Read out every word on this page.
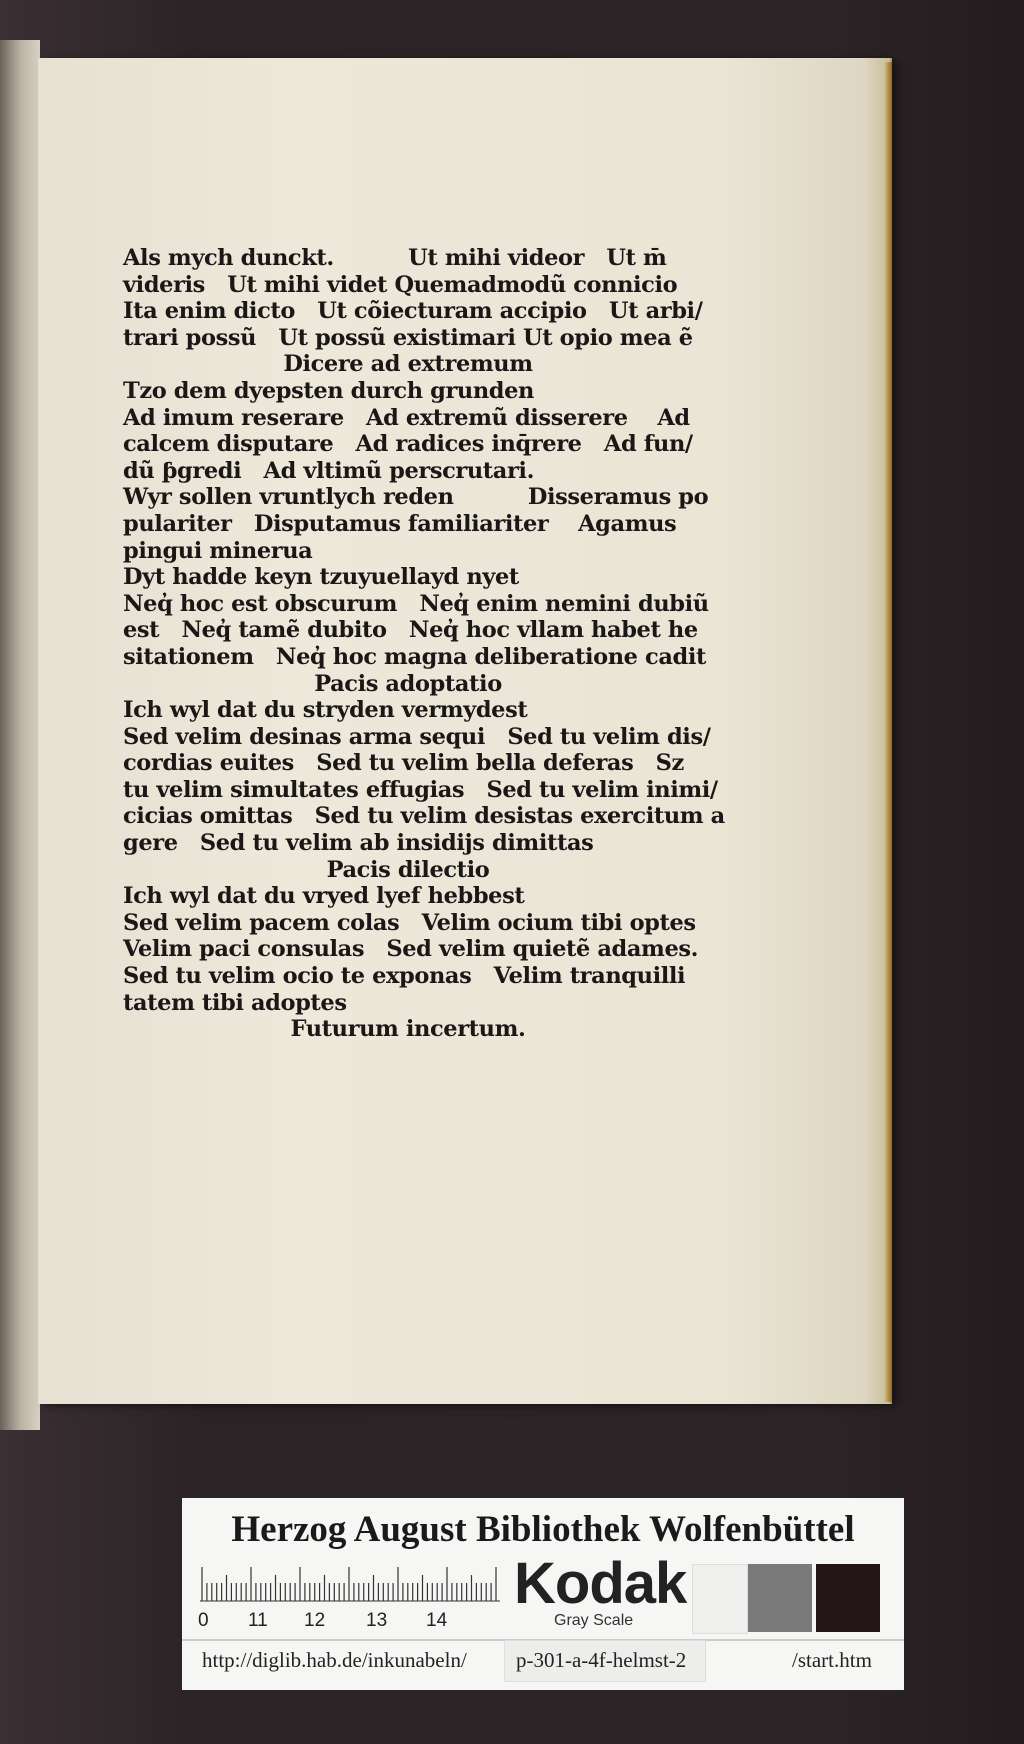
Als mych dunckt.          Ut mihi videor   Ut m̄
videris   Ut mihi videt Quemadmodũ connicio
Ita enim dicto   Ut cõiecturam accipio   Ut arbi/
trari possũ   Ut possũ existimari Ut opio mea ẽ
Dicere ad extremum
Tzo dem dyepsten durch grunden
Ad imum reserare   Ad extremũ disserere    Ad
calcem disputare   Ad radices inq̄rere   Ad fun/
dũ ƥgredi   Ad vltimũ perscrutari.
Wyr sollen vruntlych reden          Disseramus po
pulariter   Disputamus familiariter    Agamus
pingui minerua
Dyt hadde keyn tzuyuellayd nyet
Neq̓ hoc est obscurum   Neq̓ enim nemini dubiũ
est   Neq̓ tamẽ dubito   Neq̓ hoc vllam habet he
sitationem   Neq̓ hoc magna deliberatione cadit
Pacis adoptatio
Ich wyl dat du stryden vermydest
Sed velim desinas arma sequi   Sed tu velim dis/
cordias euites   Sed tu velim bella deferas   Sz
tu velim simultates effugias   Sed tu velim inimi/
cicias omittas   Sed tu velim desistas exercitum a
gere   Sed tu velim ab insidijs dimittas
Pacis dilectio
Ich wyl dat du vryed lyef hebbest
Sed velim pacem colas   Velim ocium tibi optes
Velim paci consulas   Sed velim quietẽ adames.
Sed tu velim ocio te exponas   Velim tranquilli
tatem tibi adoptes
Futurum incertum.
Herzog August Bibliothek Wolfenbüttel
0 11 12 13 14
Kodak
Gray Scale
http://diglib.hab.de/inkunabeln/ p-301-a-4f-helmst-2	/start.htm
